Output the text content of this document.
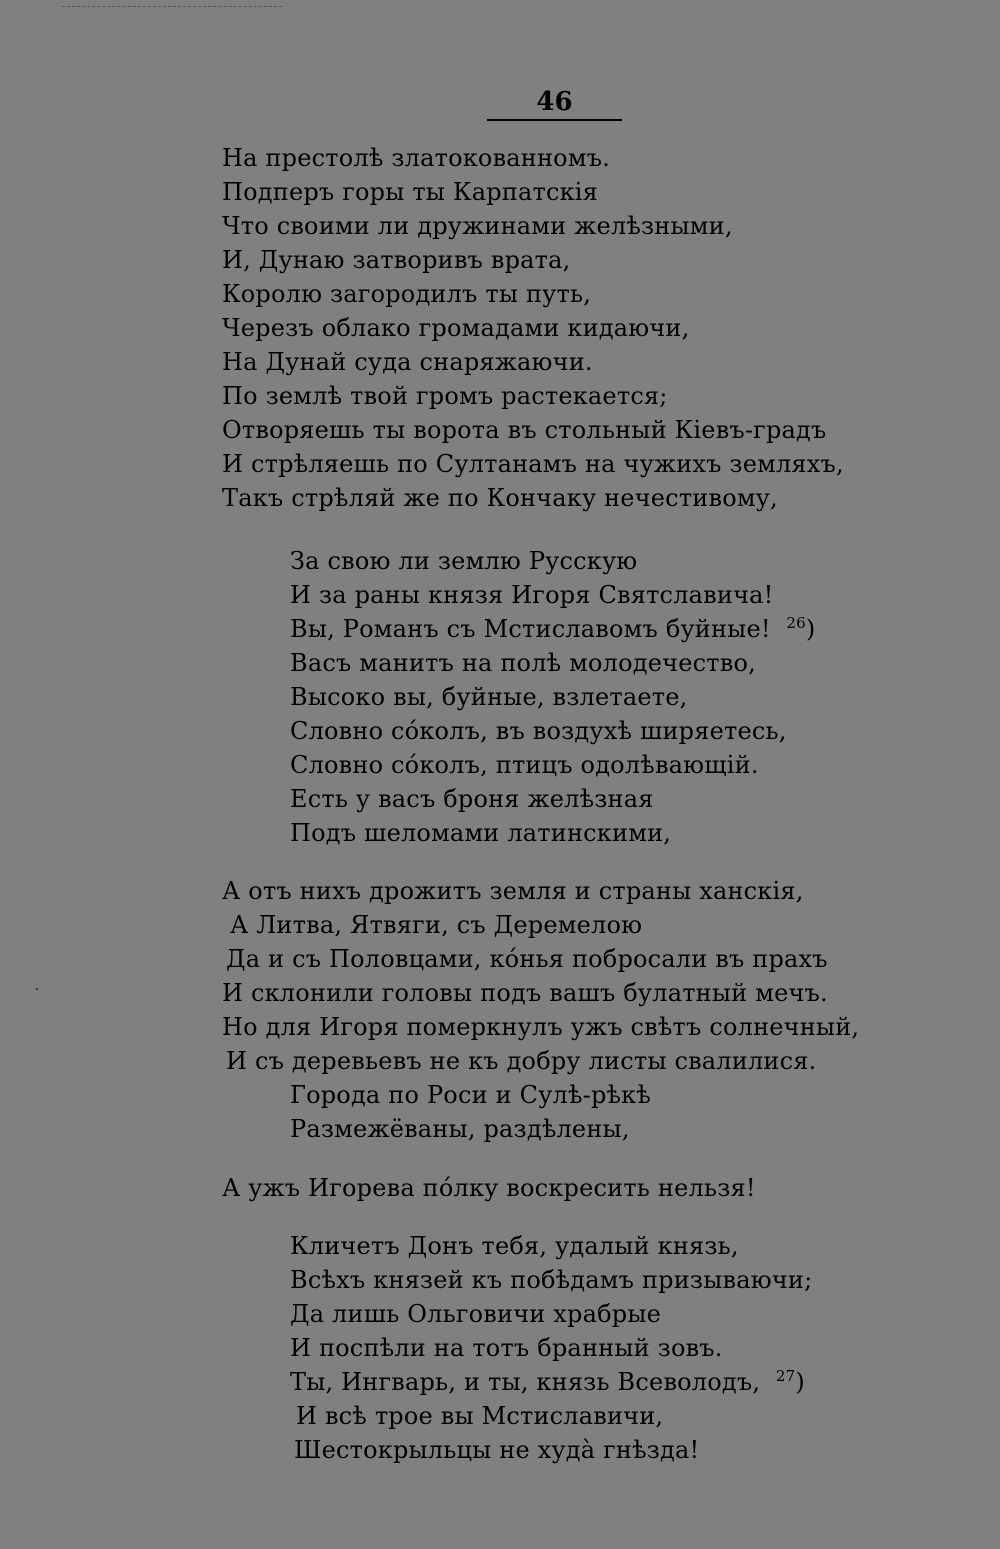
46
На престолѣ златокованномъ.
Подперъ горы ты Карпатскія
Что своими ли дружинами желѣзными,
И, Дунаю затворивъ врата,
Королю загородилъ ты путь,
Черезъ облако громадами кидаючи,
На Дунай суда снаряжаючи.
По землѣ твой громъ растекается;
Отворяешь ты ворота въ стольный Кіевъ-градъ
И стрѣляешь по Султанамъ на чужихъ земляхъ,
Такъ стрѣляй же по Кончаку нечестивому,
За свою ли землю Русскую
И за раны князя Игоря Святславича!
Вы, Романъ съ Мстиславомъ буйные! $^{26}$)
Васъ манитъ на полѣ молодечество,
Высоко вы, буйные, взлетаете,
Словно со́колъ, въ воздухѣ ширяетесь,
Словно со́колъ, птицъ одолѣвающій.
Есть у васъ броня желѣзная
Подъ шеломами латинскими,
А отъ нихъ дрожитъ земля и страны ханскія,
А Литва, Ятвяги, съ Деремелою
Да и съ Половцами, ко́нья побросали въ прахъ
И склонили головы подъ вашъ булатный мечъ.
Но для Игоря померкнулъ ужъ свѣтъ солнечный,
И съ деревьевъ не къ добру листы свалилися.
Города по Роси и Сулѣ-рѣкѣ
Размежёваны, раздѣлены,
А ужъ Игорева по́лку воскресить нельзя!
Кличетъ Донъ тебя, удалый князь,
Всѣхъ князей къ побѣдамъ призываючи;
Да лишь Ольговичи храбрые
И поспѣли на тотъ бранный зовъ.
Ты, Ингварь, и ты, князь Всеволодъ, $^{27}$)
И всѣ трое вы Мстиславичи,
Шестокрыльцы не худа̀ гнѣзда!
